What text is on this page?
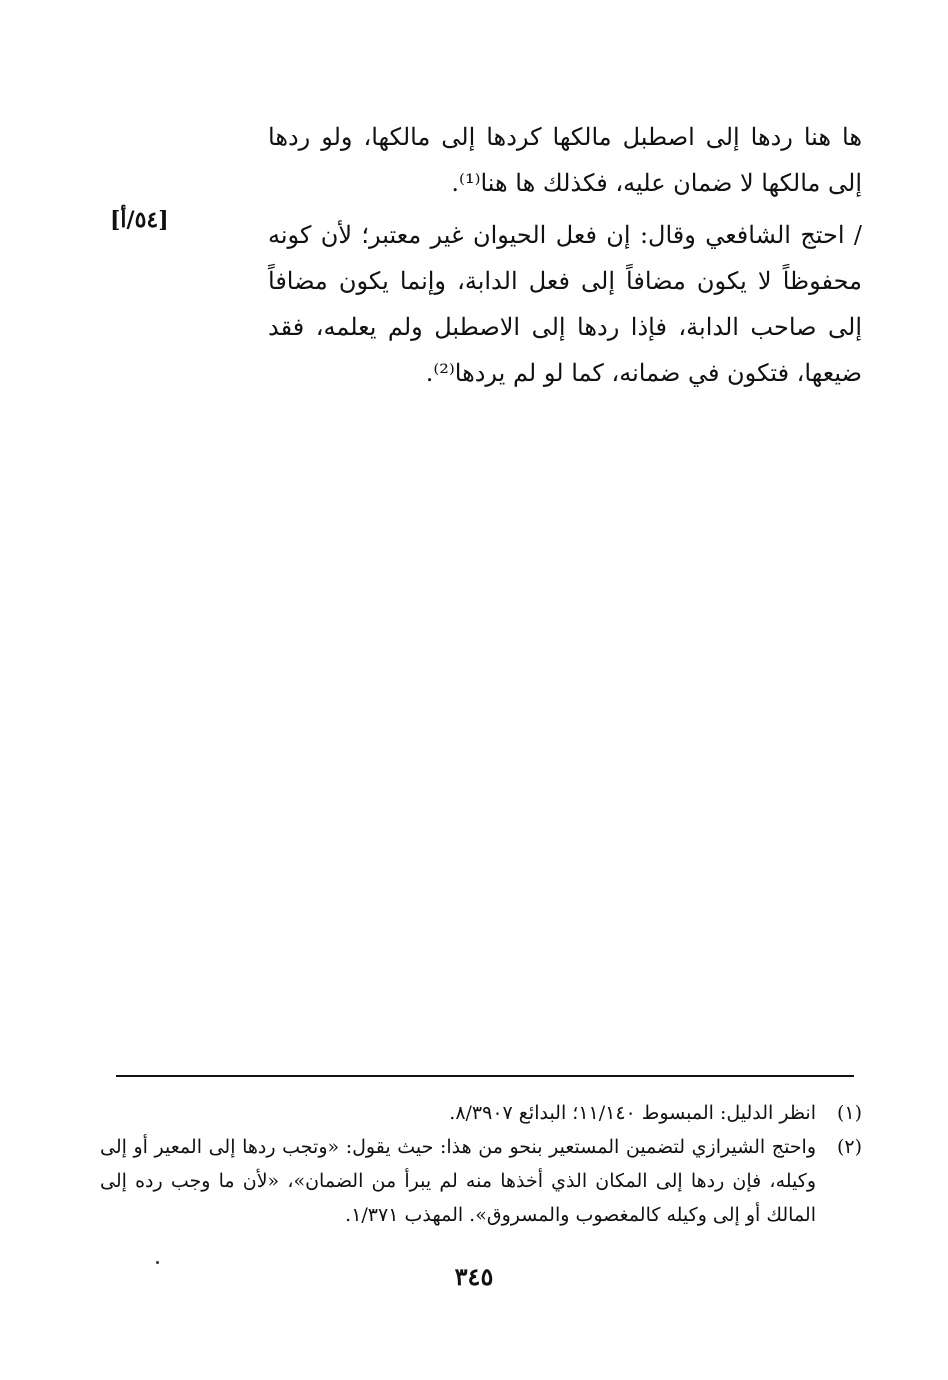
ها هنا ردها إلى اصطبل مالكها كردها إلى مالكها، ولو ردها إلى مالكها لا ضمان عليه، فكذلك ها هنا⁽¹⁾.

[٥٤/أ]

/ احتج الشافعي وقال: إن فعل الحيوان غير معتبر؛ لأن كونه محفوظاً لا يكون مضافاً إلى فعل الدابة، وإنما يكون مضافاً إلى صاحب الدابة، فإذا ردها إلى الاصطبل ولم يعلمه، فقد ضيعها، فتكون في ضمانه، كما لو لم يردها⁽²⁾.

(١)
انظر الدليل: المبسوط ١١/١٤٠؛ البدائع ٨/٣٩٠٧.

(٢)
واحتج الشيرازي لتضمين المستعير بنحو من هذا: حيث يقول: «وتجب ردها إلى المعير أو إلى وكيله، فإن ردها إلى المكان الذي أخذها منه لم يبرأ من الضمان»، «لأن ما وجب رده إلى المالك أو إلى وكيله كالمغصوب والمسروق». المهذب ١/٣٧١.

٣٤٥
